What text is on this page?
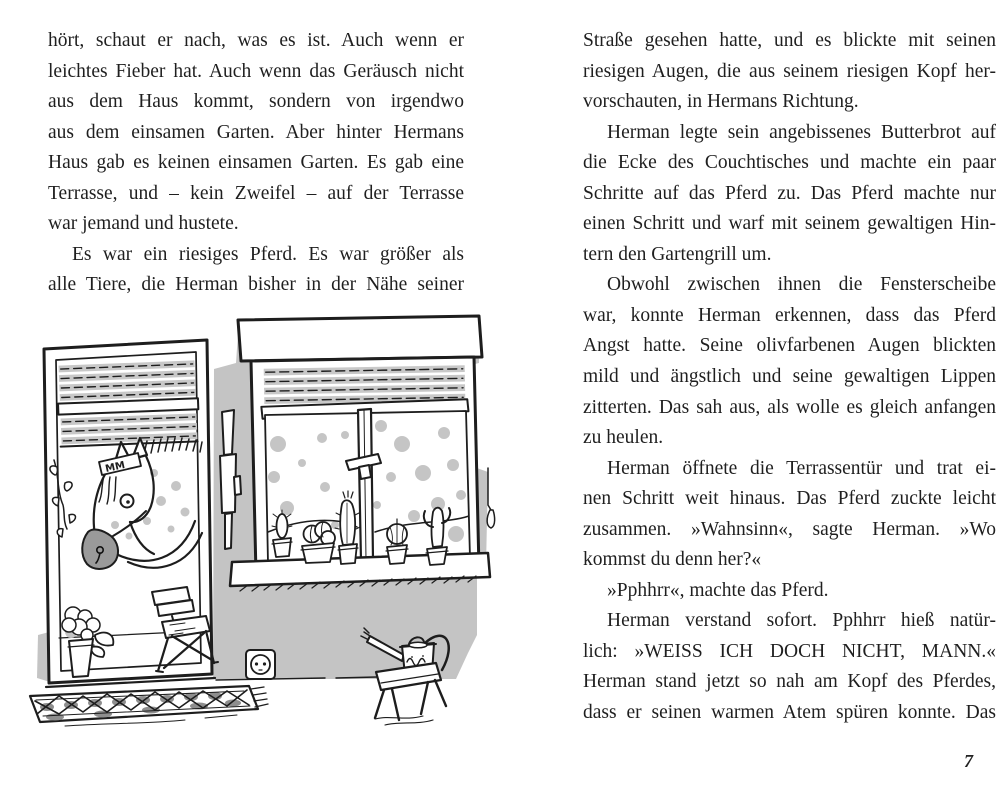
hört, schaut er nach, was es ist. Auch wenn er
leichtes Fieber hat. Auch wenn das Geräusch nicht
aus dem Haus kommt, sondern von irgendwo
aus dem einsamen Garten. Aber hinter Hermans
Haus gab es keinen einsamen Garten. Es gab eine
Terrasse, und – kein Zweifel – auf der Terrasse
war jemand und hustete.
Es war ein riesiges Pferd. Es war größer als
alle Tiere, die Herman bisher in der Nähe seiner
Straße gesehen hatte, und es blickte mit seinen
riesigen Augen, die aus seinem riesigen Kopf her-
vorschauten, in Hermans Richtung.
Herman legte sein angebissenes Butterbrot auf
die Ecke des Couchtisches und machte ein paar
Schritte auf das Pferd zu. Das Pferd machte nur
einen Schritt und warf mit seinem gewaltigen Hin-
tern den Gartengrill um.
Obwohl zwischen ihnen die Fensterscheibe
war, konnte Herman erkennen, dass das Pferd
Angst hatte. Seine olivfarbenen Augen blickten
mild und ängstlich und seine gewaltigen Lippen
zitterten. Das sah aus, als wolle es gleich anfangen
zu heulen.
Herman öffnete die Terrassentür und trat ei-
nen Schritt weit hinaus. Das Pferd zuckte leicht
zusammen. »Wahnsinn«, sagte Herman. »Wo
kommst du denn her?«
»Pphhrr«, machte das Pferd.
Herman verstand sofort. Pphhrr hieß natür-
lich: »WEISS ICH DOCH NICHT, MANN.«
Herman stand jetzt so nah am Kopf des Pferdes,
dass er seinen warmen Atem spüren konnte. Das
MM
7
